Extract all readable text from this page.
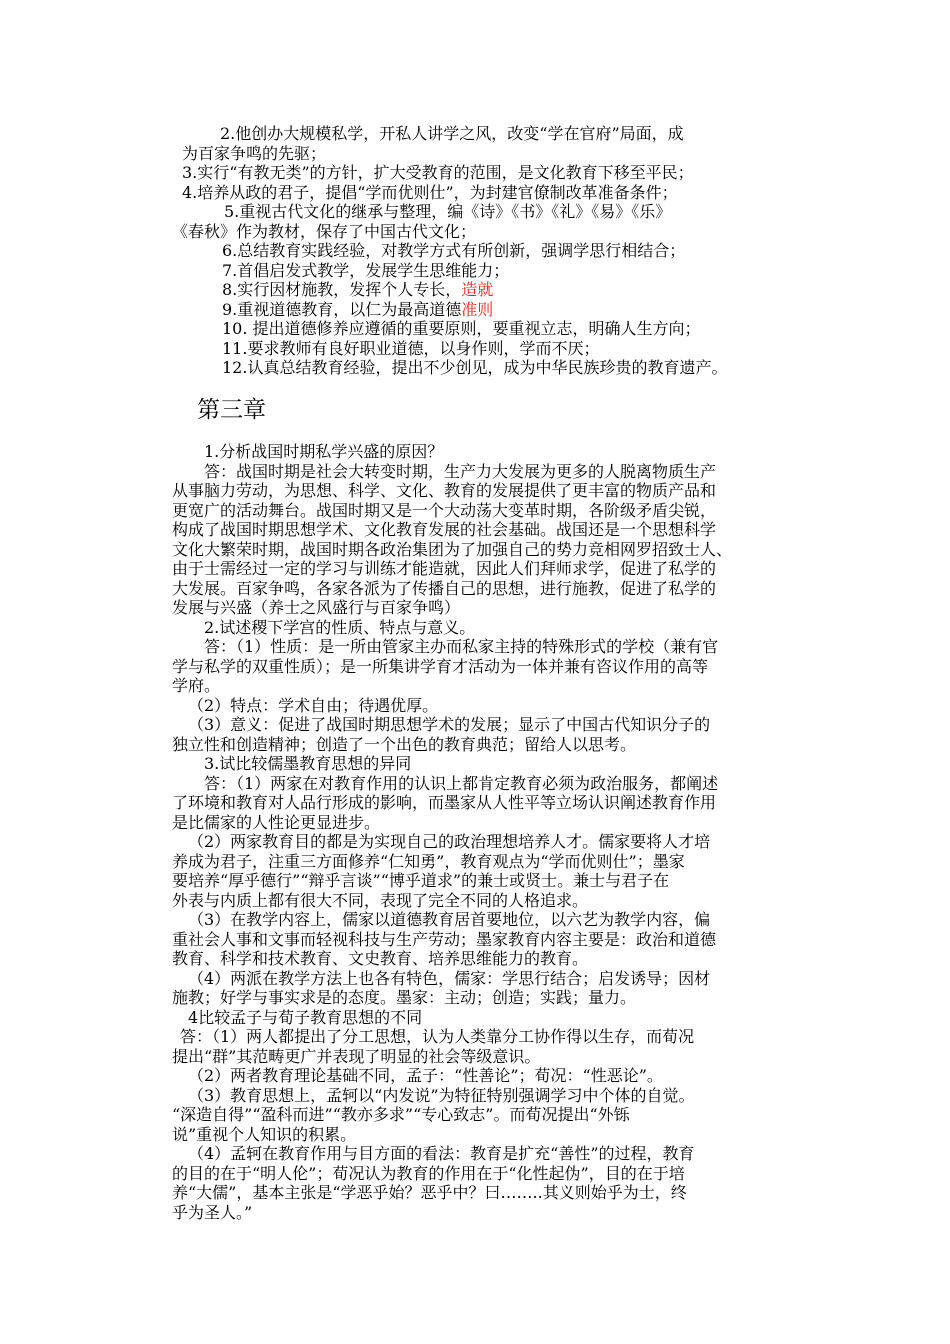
2.他创办大规模私学，开私人讲学之风，改变“学在官府”局面，成
为百家争鸣的先驱；
3.实行“有教无类”的方针，扩大受教育的范围，是文化教育下移至平民；
4.培养从政的君子，提倡“学而优则仕”，为封建官僚制改革准备条件；
5.重视古代文化的继承与整理，编《诗》《书》《礼》《易》《乐》
《春秋》作为教材，保存了中国古代文化；
6.总结教育实践经验，对教学方式有所创新，强调学思行相结合；
7.首倡启发式教学，发展学生思维能力；
8.实行因材施教，发挥个人专长，造就
9.重视道德教育，以仁为最高道德准则
10. 提出道德修养应遵循的重要原则，要重视立志，明确人生方向；
11.要求教师有良好职业道德，以身作则，学而不厌；
12.认真总结教育经验，提出不少创见，成为中华民族珍贵的教育遗产。
第三章
1.分析战国时期私学兴盛的原因？
答：战国时期是社会大转变时期，生产力大发展为更多的人脱离物质生产
从事脑力劳动，为思想、科学、文化、教育的发展提供了更丰富的物质产品和
更宽广的活动舞台。战国时期又是一个大动荡大变革时期，各阶级矛盾尖锐，
构成了战国时期思想学术、文化教育发展的社会基础。战国还是一个思想科学
文化大繁荣时期，战国时期各政治集团为了加强自己的势力竞相网罗招致士人、
由于士需经过一定的学习与训练才能造就，因此人们拜师求学，促进了私学的
大发展。百家争鸣，各家各派为了传播自己的思想，进行施教，促进了私学的
发展与兴盛（养士之风盛行与百家争鸣）
2.试述稷下学宫的性质、特点与意义。
答：（1）性质：是一所由管家主办而私家主持的特殊形式的学校（兼有官
学与私学的双重性质）；是一所集讲学育才活动为一体并兼有咨议作用的高等
学府。
（2）特点：学术自由；待遇优厚。
（3）意义：促进了战国时期思想学术的发展；显示了中国古代知识分子的
独立性和创造精神；创造了一个出色的教育典范；留给人以思考。
3.试比较儒墨教育思想的异同
答：（1）两家在对教育作用的认识上都肯定教育必须为政治服务，都阐述
了环境和教育对人品行形成的影响，而墨家从人性平等立场认识阐述教育作用
是比儒家的人性论更显进步。
（2）两家教育目的都是为实现自己的政治理想培养人才。儒家要将人才培
养成为君子，注重三方面修养“仁知勇”，教育观点为“学而优则仕”；墨家
要培养“厚乎德行”“辩乎言谈”“博乎道求”的兼士或贤士。兼士与君子在
外表与内质上都有很大不同，表现了完全不同的人格追求。
（3）在教学内容上，儒家以道德教育居首要地位，以六艺为教学内容，偏
重社会人事和文事而轻视科技与生产劳动；墨家教育内容主要是：政治和道德
教育、科学和技术教育、文史教育、培养思维能力的教育。
（4）两派在教学方法上也各有特色，儒家：学思行结合；启发诱导；因材
施教；好学与事实求是的态度。墨家：主动；创造；实践；量力。
4比较孟子与荀子教育思想的不同
答：（1）两人都提出了分工思想，认为人类靠分工协作得以生存，而荀况
提出“群”其范畴更广并表现了明显的社会等级意识。
（2）两者教育理论基础不同，孟子：“性善论”；荀况：“性恶论”。
（3）教育思想上，孟轲以“内发说”为特征特别强调学习中个体的自觉。
“深造自得”“盈科而进”“教亦多求”“专心致志”。而荀况提出“外铄
说”重视个人知识的积累。
（4）孟轲在教育作用与目方面的看法：教育是扩充“善性”的过程，教育
的目的在于“明人伦”；荀况认为教育的作用在于“化性起伪”，目的在于培
养“大儒”，基本主张是“学恶乎始？恶乎中？曰……..其义则始乎为士，终
乎为圣人。”
